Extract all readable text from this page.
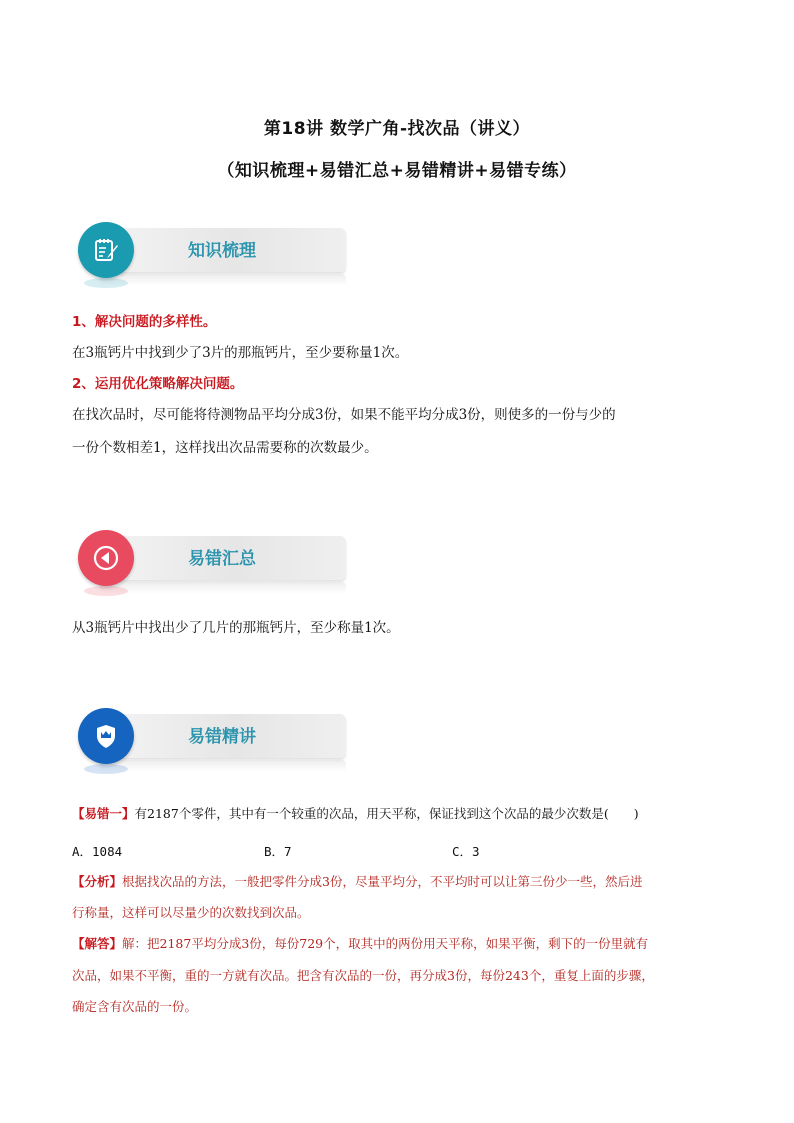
第18讲 数学广角-找次品（讲义）
（知识梳理+易错汇总+易错精讲+易错专练）
知识梳理
1、解决问题的多样性。
在3瓶钙片中找到少了3片的那瓶钙片，至少要称量1次。
2、运用优化策略解决问题。
在找次品时，尽可能将待测物品平均分成3份，如果不能平均分成3份，则使多的一份与少的
一份个数相差1，这样找出次品需要称的次数最少。
易错汇总
从3瓶钙片中找出少了几片的那瓶钙片，至少称量1次。
易错精讲
【易错一】有2187个零件，其中有一个较重的次品，用天平称，保证找到这个次品的最少次数是(　　)
A．1084	B．7	C．3
【分析】根据找次品的方法，一般把零件分成3份，尽量平均分，不平均时可以让第三份少一些，然后进
行称量，这样可以尽量少的次数找到次品。
【解答】解：把2187平均分成3份，每份729个，取其中的两份用天平称，如果平衡，剩下的一份里就有
次品，如果不平衡，重的一方就有次品。把含有次品的一份，再分成3份，每份243个，重复上面的步骤，
确定含有次品的一份。
